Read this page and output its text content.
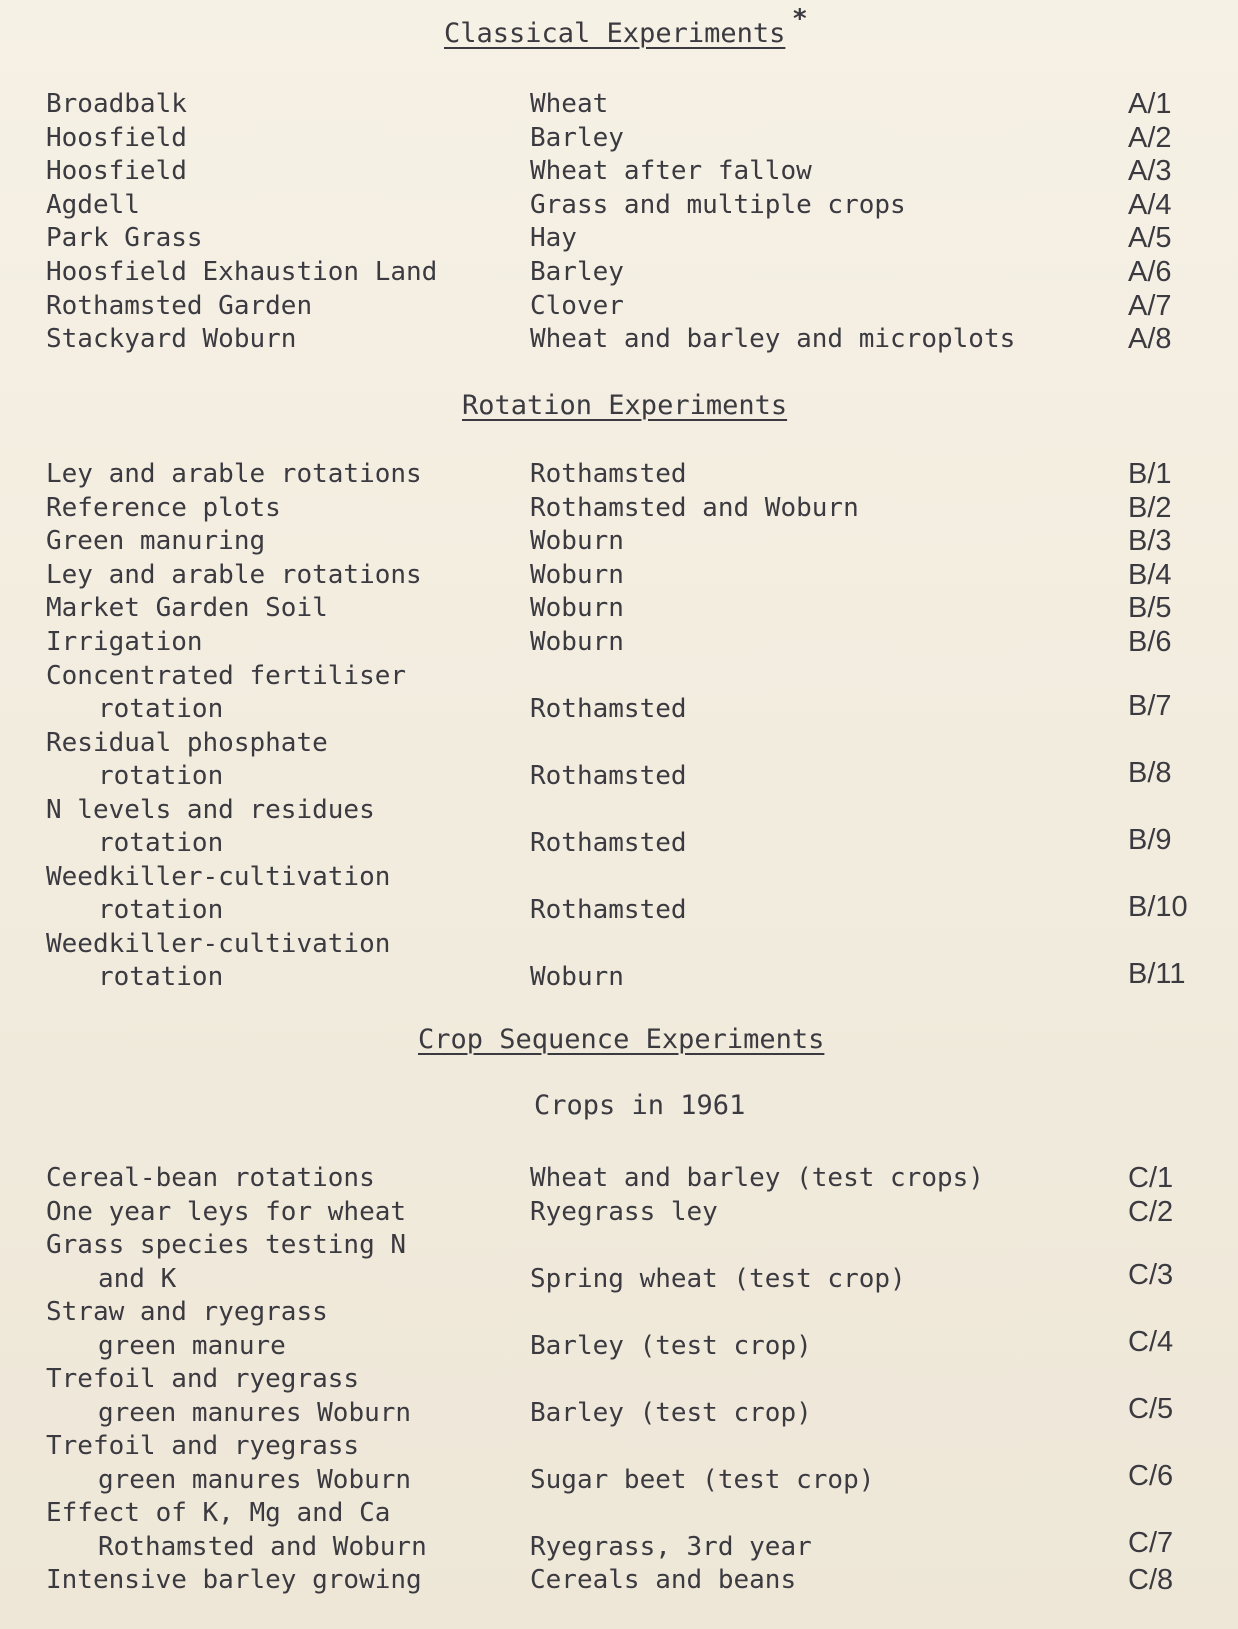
Classical Experiments *
Broadbalk	Wheat	A/1
Hoosfield	Barley	A/2
Hoosfield	Wheat after fallow	A/3
Agdell	Grass and multiple crops	A/4
Park Grass	Hay	A/5
Hoosfield Exhaustion Land	Barley	A/6
Rothamsted Garden	Clover	A/7
Stackyard Woburn	Wheat and barley and microplots	A/8
Rotation Experiments
Ley and arable rotations	Rothamsted	B/1
Reference plots	Rothamsted and Woburn	B/2
Green manuring	Woburn	B/3
Ley and arable rotations	Woburn	B/4
Market Garden Soil	Woburn	B/5
Irrigation	Woburn	B/6
Concentrated fertiliser
rotation	Rothamsted	B/7
Residual phosphate
rotation	Rothamsted	B/8
N levels and residues
rotation	Rothamsted	B/9
Weedkiller-cultivation
rotation	Rothamsted	B/10
Weedkiller-cultivation
rotation	Woburn	B/11
Crop Sequence Experiments
Crops in 1961
Cereal-bean rotations	Wheat and barley (test crops)	C/1
One year leys for wheat	Ryegrass ley	C/2
Grass species testing N
and K	Spring wheat (test crop)	C/3
Straw and ryegrass
green manure	Barley (test crop)	C/4
Trefoil and ryegrass
green manures Woburn	Barley (test crop)	C/5
Trefoil and ryegrass
green manures Woburn	Sugar beet (test crop)	C/6
Effect of K, Mg and Ca
Rothamsted and Woburn	Ryegrass, 3rd year	C/7
Intensive barley growing	Cereals and beans	C/8
